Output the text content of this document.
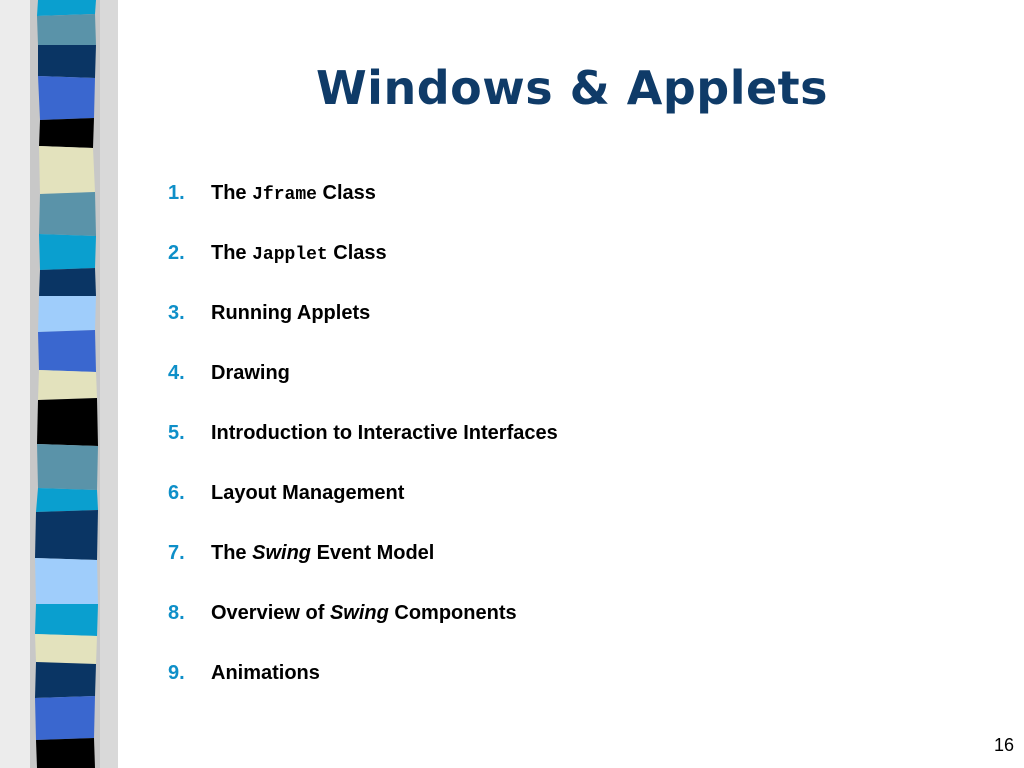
Windows & Applets
1.	The Jframe Class
2.	The Japplet Class
3.	Running Applets
4.	Drawing
5.	Introduction to Interactive Interfaces
6.	Layout Management
7.	The Swing Event Model
8.	Overview of Swing Components
9.	Animations
16
